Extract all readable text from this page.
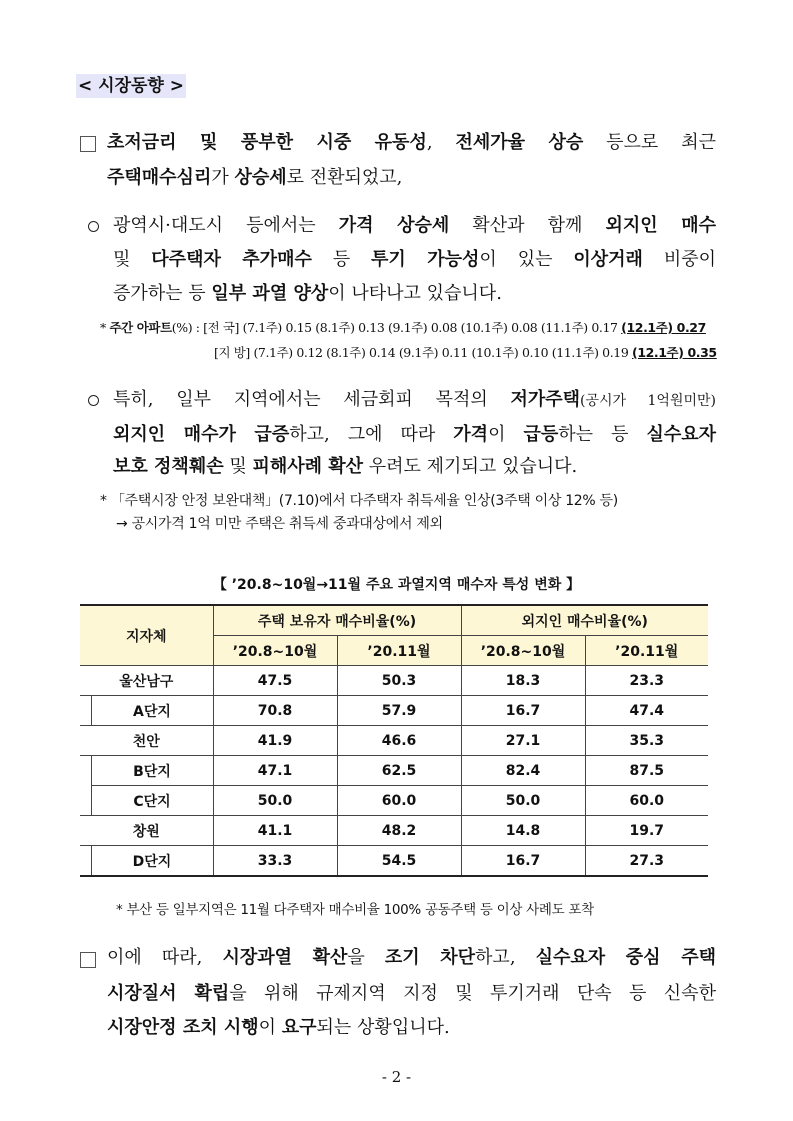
< 시장동향 >
초저금리 및 풍부한 시중 유동성, 전세가율 상승 등으로 최근
주택매수심리가 상승세로 전환되었고,
광역시·대도시 등에서는 가격 상승세 확산과 함께 외지인 매수
및 다주택자 추가매수 등 투기 가능성이 있는 이상거래 비중이
증가하는 등 일부 과열 양상이 나타나고 있습니다.
* 주간 아파트(%) : [전 국] (7.1주) 0.15 (8.1주) 0.13 (9.1주) 0.08 (10.1주) 0.08 (11.1주) 0.17 (12.1주) 0.27
[지 방] (7.1주) 0.12 (8.1주) 0.14 (9.1주) 0.11 (10.1주) 0.10 (11.1주) 0.19 (12.1주) 0.35
특히, 일부 지역에서는 세금회피 목적의 저가주택(공시가 1억원미만)
외지인 매수가 급증하고, 그에 따라 가격이 급등하는 등 실수요자
보호 정책훼손 및 피해사례 확산 우려도 제기되고 있습니다.
* 「주택시장 안정 보완대책」(7.10)에서 다주택자 취득세율 인상(3주택 이상 12% 등)
→ 공시가격 1억 미만 주택은 취득세 중과대상에서 제외
【 ’20.8~10월→11월 주요 과열지역 매수자 특성 변화 】
지자체		주택 보유자 매수비율(%)		외지인 매수비율(%)	
		’20.8~10월	’20.11월	’20.8~10월	’20.11월
울산남구		47.5	50.3	18.3	23.3
	A단지	70.8	57.9	16.7	47.4
천안		41.9	46.6	27.1	35.3
	B단지	47.1	62.5	82.4	87.5
	C단지	50.0	60.0	50.0	60.0
창원		41.1	48.2	14.8	19.7
	D단지	33.3	54.5	16.7	27.3
* 부산 등 일부지역은 11월 다주택자 매수비율 100% 공동주택 등 이상 사례도 포착
이에 따라, 시장과열 확산을 조기 차단하고, 실수요자 중심 주택
시장질서 확립을 위해 규제지역 지정 및 투기거래 단속 등 신속한
시장안정 조치 시행이 요구되는 상황입니다.
- 2 -
